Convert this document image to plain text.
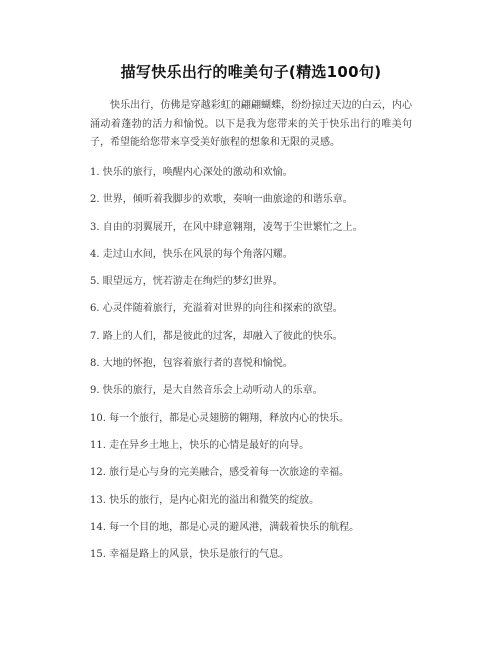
描写快乐出行的唯美句子(精选100句)

快乐出行，仿佛是穿越彩虹的翩翩蝴蝶，纷纷掠过天边的白云，内心涌动着蓬勃的活力和愉悦。以下是我为您带来的关于快乐出行的唯美句子，希望能给您带来享受美好旅程的想象和无限的灵感。

1. 快乐的旅行，唤醒内心深处的激动和欢愉。
2. 世界，倾听着我脚步的欢歌，奏响一曲旅途的和谐乐章。
3. 自由的羽翼展开，在风中肆意翱翔，凌驾于尘世繁忙之上。
4. 走过山水间，快乐在风景的每个角落闪耀。
5. 眼望远方，恍若游走在绚烂的梦幻世界。
6. 心灵伴随着旅行，充溢着对世界的向往和探索的欲望。
7. 路上的人们，都是彼此的过客，却融入了彼此的快乐。
8. 大地的怀抱，包容着旅行者的喜悦和愉悦。
9. 快乐的旅行，是大自然音乐会上动听动人的乐章。
10. 每一个旅行，都是心灵翅膀的翱翔，释放内心的快乐。
11. 走在异乡土地上，快乐的心情是最好的向导。
12. 旅行是心与身的完美融合，感受着每一次旅途的幸福。
13. 快乐的旅行，是内心阳光的溢出和微笑的绽放。
14. 每一个目的地，都是心灵的避风港，满载着快乐的航程。
15. 幸福是路上的风景，快乐是旅行的气息。
